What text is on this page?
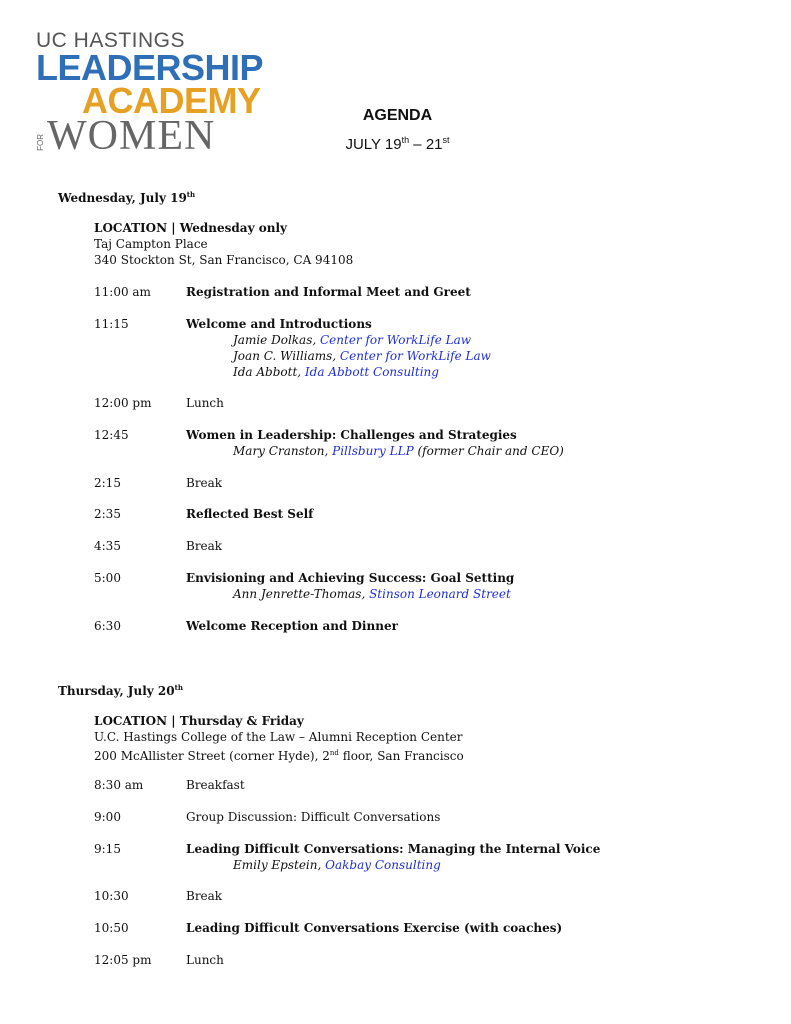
UC HASTINGS
LEADERSHIP
ACADEMY
FOR WOMEN	AGENDA
JULY 19th – 21st
Wednesday, July 19th
LOCATION | Wednesday only
Taj Campton Place
340 Stockton St, San Francisco, CA 94108
11:00 am	Registration and Informal Meet and Greet
11:15	Welcome and Introductions
Jamie Dolkas, Center for WorkLife Law
Joan C. Williams, Center for WorkLife Law
Ida Abbott, Ida Abbott Consulting
12:00 pm	Lunch
12:45	Women in Leadership: Challenges and Strategies
Mary Cranston, Pillsbury LLP (former Chair and CEO)
2:15	Break
2:35	Reflected Best Self
4:35	Break
5:00	Envisioning and Achieving Success: Goal Setting
Ann Jenrette-Thomas, Stinson Leonard Street
6:30	Welcome Reception and Dinner
Thursday, July 20th
LOCATION | Thursday & Friday
U.C. Hastings College of the Law – Alumni Reception Center
200 McAllister Street (corner Hyde), 2nd floor, San Francisco
8:30 am	Breakfast
9:00	Group Discussion: Difficult Conversations
9:15	Leading Difficult Conversations: Managing the Internal Voice
Emily Epstein, Oakbay Consulting
10:30	Break
10:50	Leading Difficult Conversations Exercise (with coaches)
12:05 pm	Lunch
